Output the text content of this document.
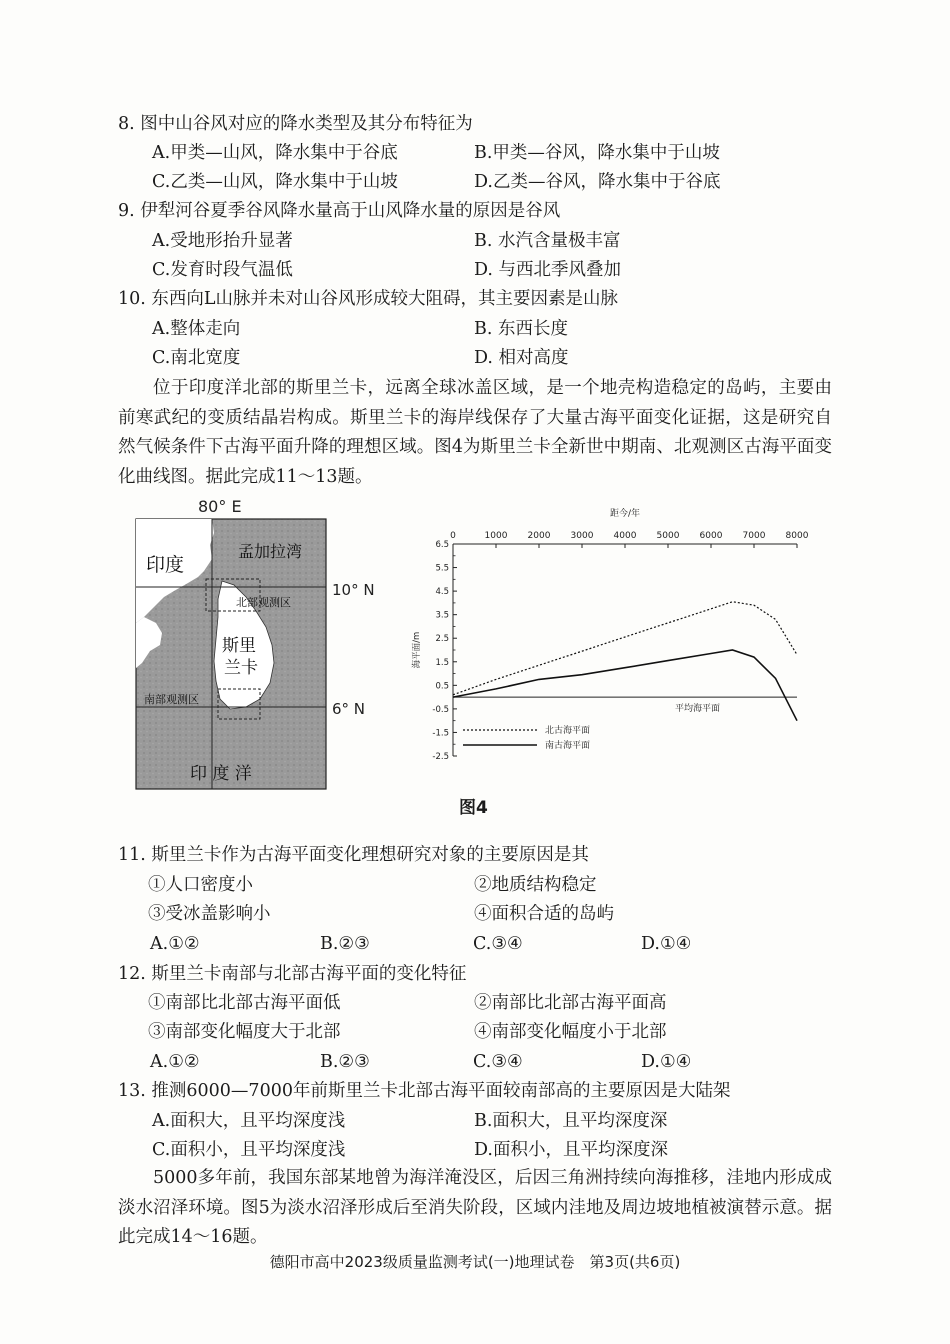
8. 图中山谷风对应的降水类型及其分布特征为
A.甲类—山风，降水集中于谷底	B.甲类—谷风，降水集中于山坡
C.乙类—山风，降水集中于山坡	D.乙类—谷风，降水集中于谷底
9. 伊犁河谷夏季谷风降水量高于山风降水量的原因是谷风
A.受地形抬升显著	B. 水汽含量极丰富
C.发育时段气温低	D. 与西北季风叠加
10. 东西向L山脉并未对山谷风形成较大阻碍，其主要因素是山脉
A.整体走向	B. 东西长度
C.南北宽度	D. 相对高度
位于印度洋北部的斯里兰卡，远离全球冰盖区域，是一个地壳构造稳定的岛屿，主要由前寒武纪的变质结晶岩构成。斯里兰卡的海岸线保存了大量古海平面变化证据，这是研究自然气候条件下古海平面升降的理想区域。图4为斯里兰卡全新世中期南、北观测区古海平面变化曲线图。据此完成11～13题。
80° E
印度
孟加拉湾
10° N
6° N
北部观测区
南部观测区
斯里
兰卡
印 度 洋
距今/年
0	1000 2000 3000 4000 5000 6000 7000 8000
6.5
5.5
4.5
3.5
2.5
1.5
0.5
-0.5
-1.5
-2.5
海平面/m
平均海平面
北古海平面
南古海平面
图4
11. 斯里兰卡作为古海平面变化理想研究对象的主要原因是其
①人口密度小	②地质结构稳定
③受冰盖影响小	④面积合适的岛屿
A.①②	B.②③	C.③④	D.①④
12. 斯里兰卡南部与北部古海平面的变化特征
①南部比北部古海平面低	②南部比北部古海平面高
③南部变化幅度大于北部	④南部变化幅度小于北部
A.①②	B.②③	C.③④	D.①④
13. 推测6000—7000年前斯里兰卡北部古海平面较南部高的主要原因是大陆架
A.面积大，且平均深度浅	B.面积大，且平均深度深
C.面积小，且平均深度浅	D.面积小，且平均深度深
5000多年前，我国东部某地曾为海洋淹没区，后因三角洲持续向海推移，洼地内形成成淡水沼泽环境。图5为淡水沼泽形成后至消失阶段，区域内洼地及周边坡地植被演替示意。据此完成14～16题。
德阳市高中2023级质量监测考试(一)地理试卷　第3页(共6页)
